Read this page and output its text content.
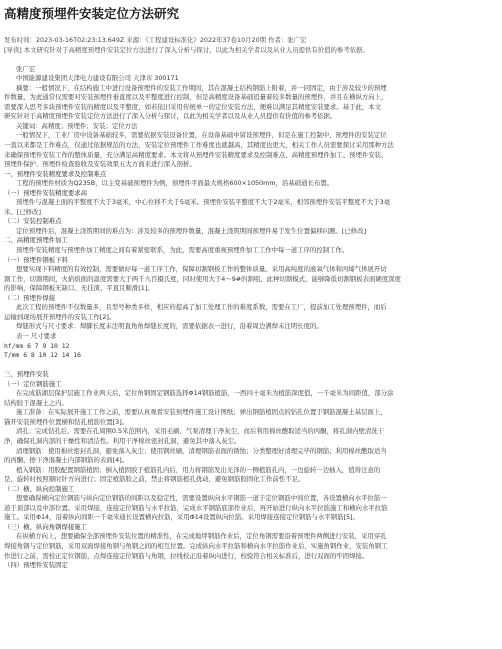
高精度预埋件安装定位方法研究
发布时间：2023-03-16T02:23:13.649Z 来源：《工程建设标准化》2022年37卷10月20期 作者：张广宏
[导读] 本文研究针对于高精度预埋件安装定位方法进行了深入分析与探讨，以此为相关学者以及从业人员提供有价值的参考依据。
张广宏
中国能源建设集团天津电力建设有限公司 天津市 300171
摘要：一般情况下，在结构施工中进行设备预埋件的安装工作期间，其在混凝土结构钢筋上附着，并一同固定，由于涉及较少的预埋
件数量，为此通常仅需要对安装预埋件垂直度以及平整度进行控制，但是高精度设备基础追量着较多数量的预埋件，并且在横纵方向上，
需要深入思考多块预埋件安装的精度以及平整度，如若依旧采用传统单一的定位安装方法，便难以满足其精度安装要求。基于此，本文
研究针对于高精度预埋件安装定位方法进行了深入分析与探讨，以此为相关学者以及从业人员提供有价值的参考依据。
关键词：高精度；预埋件；安装；定位方法
一般情况下，工业厂房中设备基础较多，需要依据安装设备位置，在设备基础中留设预埋件，但是在施工控制中，预埋件的安装定位
一直以来都是工作难点，仅通过依据规范的方法，安装定位预埋件工作难度也就越高，其精度也更大，相关工作人员需要探讨采用那种方法
来确保预埋件安装工作的整体质量，充分满足高精度要求。本文将从预埋件安装精度要求及控制难点、高精度预埋件加工、预埋件安装、
预埋件保护、预埋件检查验收及安装效果五大方面来进行深入剖析。
一、预埋件安装精度要求及控制难点
工程的预埋件材质为Q235B，以主变基础预埋件为例，预埋件平面最大规格600×1050mm，沿基础通长布置。
（一）预埋件安装精度要求高
预埋件与混凝土面的平整度不大于3毫米，中心位移不大于5毫米。预埋件安装平整度不大于2毫米，相邻预埋件安装平整度不大于3毫
米。[已修改]
（二）安装控制难点
定位预埋件后，混凝土浇筑期间的难点为：涉及较多的预埋件数量，混凝土浇筑期间预埋件易于发生位置偏移问题。[已修改]
二、高精度预埋件加工
预埋件安装精度与预埋件加工精度之间有着紧密联系，为此，需要高度重视预埋件加工工作中每一道工序的控制工作。
（一）预埋件钢板下料
想要实现下料精度的有效控制，需要做好每一道工序工作，保障切割钢板工作的整体质量。采用高纯度的液氧气体和丙烯气体展开切
割工作，切割期间，火焰焰面的温度需要大于两千九百摄氏度，同时使用大于4～9#的割咀，此种切割模式，能够降低切割钢板表面硬度深度
的影响，保障钢板无缺口、无挂渣、平直且顺滑[1]。
（二）预埋件焊接
此次工程的预埋件不仅数量多，且型号种类多样，相应的提高了加工处理工作的难度系数，需要在工厂，提前加工处理预埋件，而后
运输到现场展开预埋件的安装工作[2]。
焊缝形式与尺寸要求：焊脚长度未注明直角角焊缝长度的，需要依据表一进行，沿着周边满焊未注明长度的。
表一 尺寸要求
hf/mm 6 7 9 10 12
T/mm 6 8 10 12 14 16
三、预埋件安装
（一）定位钢筋施工
在完成筋湖层保护层施工作业两天后，定位角钢固定钢筋选择Φ14钢筋植筋，一西四十毫米为植筋深度值，一千毫米为间距值，部分涂
结构胶于混凝土之内。
施工准备：在实际展开施工工作之前，需要认真观看安装预埋件施工设计图纸；弹出钢筋植固点的钻孔位置于钢筋混凝土基层面上，
锚开安装预埋件位置横和钻孔植筋位置[3]。
清孔：完成钻孔后，需要在孔周围0.5米范围内，采用毛刷、气泵清理干净灰尘，而后利用棉丝醮取适当的丙酮，将孔洞内壁清洗干
净，确保孔洞内部的干燥性和清洁性。利用干净棉丝密封孔洞，避免其中落入灰尘。
清理钢筋：使用棉丝密封孔洞，避免落入灰尘；使用钢丝刷，清理钢筋表面的锈蚀；分类整理好清理完毕的钢筋；利用棉丝醮取适当
的丙酮，擦干净混凝土内部钢筋的表面[4]。
植入钢筋：用胶配置钢筋植固；倒入植固胶于植筋孔内后，用力将钢筋发出光泽的一侧植筋孔内，一边旋转一边插入，值得注意的
是，旋转时按照顺时针方向进行；固定植筋胶之前，禁止将钢筋植孔扰动，避免钢筋胶固化工作前性不足。
（二）横、纵向控制施工
想要确保横向定位钢筋与纵向定位钢筋的间距以及稳定性，需要设置纵向水平钢筋一道于定位钢筋中间位置，各设置横向水平拉筋一
道于顶部以及中部位置。采用焊接，连接定位钢筋与水平拉筋，完成水平钢筋底部作业后，再开始进行纵向水平拉筋施工和横向水平拉筋
施工。采用Φ14，沿着纵向间距一千毫米通长设置横向拉筋，采用Φ14设置纵向拉筋。采用焊接连接定位钢筋与水平钢筋[5]。
（三）横、纵向角钢焊接施工
在纵横方向上，想要确保全部预埋件安装位置的精准性，在完成地坪钢筋作业后，定位角钢需要沿着预埋件两侧进行安装，采用穿孔
焊接角钢与定位钢筋，采用双面焊接角钢与角钢之间的相互位置。完成纵向水平拉筋和横向水平拉筋作业后，实施角钢作业，安装角钢工
作进行之前，需校正定位钢筋，点焊连接定位钢筋与角钢，拉线校正沿着纵向进行，校验符合相关标准后，进行双面的牢固焊接。
（四）预埋件安装固定
